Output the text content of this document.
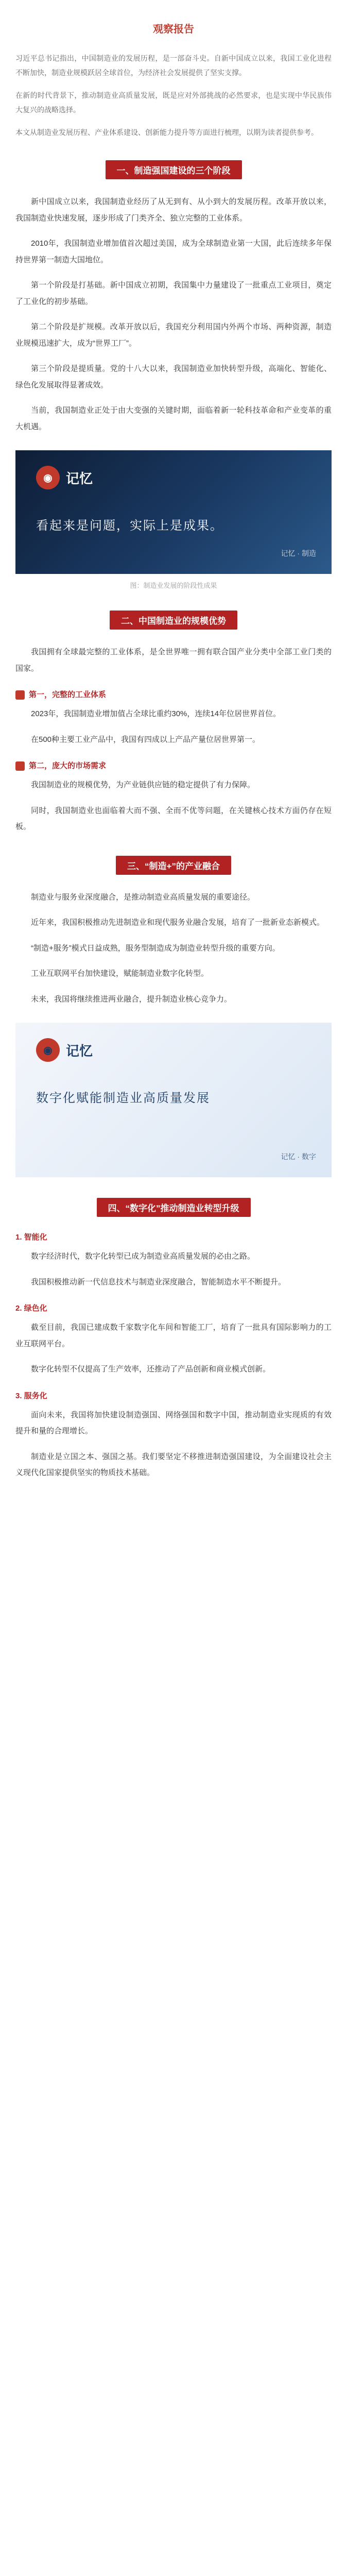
观察报告

习近平总书记指出，中国制造业的发展历程，是一部奋斗史。自新中国成立以来，我国工业化进程不断加快，制造业规模跃居全球首位，为经济社会发展提供了坚实支撑。

在新的时代背景下，推动制造业高质量发展，既是应对外部挑战的必然要求，也是实现中华民族伟大复兴的战略选择。

本文从制造业发展历程、产业体系建设、创新能力提升等方面进行梳理，以期为读者提供参考。

一、制造强国建设的三个阶段

新中国成立以来，我国制造业经历了从无到有、从小到大的发展历程。改革开放以来，我国制造业快速发展，逐步形成了门类齐全、独立完整的工业体系。

2010年，我国制造业增加值首次超过美国，成为全球制造业第一大国，此后连续多年保持世界第一制造大国地位。

第一个阶段是打基础。新中国成立初期，我国集中力量建设了一批重点工业项目，奠定了工业化的初步基础。

第二个阶段是扩规模。改革开放以后，我国充分利用国内外两个市场、两种资源，制造业规模迅速扩大，成为“世界工厂”。

第三个阶段是提质量。党的十八大以来，我国制造业加快转型升级，高端化、智能化、绿色化发展取得显著成效。

当前，我国制造业正处于由大变强的关键时期，面临着新一轮科技革命和产业变革的重大机遇。

◉	记忆
看起来是问题，实际上是成果。
记忆 · 制造
图：制造业发展的阶段性成果
二、中国制造业的规模优势

我国拥有全球最完整的工业体系，是全世界唯一拥有联合国产业分类中全部工业门类的国家。

第一，完整的工业体系

2023年，我国制造业增加值占全球比重约30%，连续14年位居世界首位。

在500种主要工业产品中，我国有四成以上产品产量位居世界第一。

第二，庞大的市场需求

我国制造业的规模优势，为产业链供应链的稳定提供了有力保障。

同时，我国制造业也面临着大而不强、全而不优等问题，在关键核心技术方面仍存在短板。

三、“制造+”的产业融合

制造业与服务业深度融合，是推动制造业高质量发展的重要途径。

近年来，我国积极推动先进制造业和现代服务业融合发展，培育了一批新业态新模式。

“制造+服务”模式日益成熟，服务型制造成为制造业转型升级的重要方向。

工业互联网平台加快建设，赋能制造业数字化转型。

未来，我国将继续推进两业融合，提升制造业核心竞争力。

◉	记忆
数字化赋能制造业高质量发展
记忆 · 数字
四、“数字化”推动制造业转型升级
1. 智能化

数字经济时代，数字化转型已成为制造业高质量发展的必由之路。

我国积极推动新一代信息技术与制造业深度融合，智能制造水平不断提升。

2. 绿色化

截至目前，我国已建成数千家数字化车间和智能工厂，培育了一批具有国际影响力的工业互联网平台。

数字化转型不仅提高了生产效率，还推动了产品创新和商业模式创新。

3. 服务化

面向未来，我国将加快建设制造强国、网络强国和数字中国，推动制造业实现质的有效提升和量的合理增长。

制造业是立国之本、强国之基。我们要坚定不移推进制造强国建设，为全面建设社会主义现代化国家提供坚实的物质技术基础。
